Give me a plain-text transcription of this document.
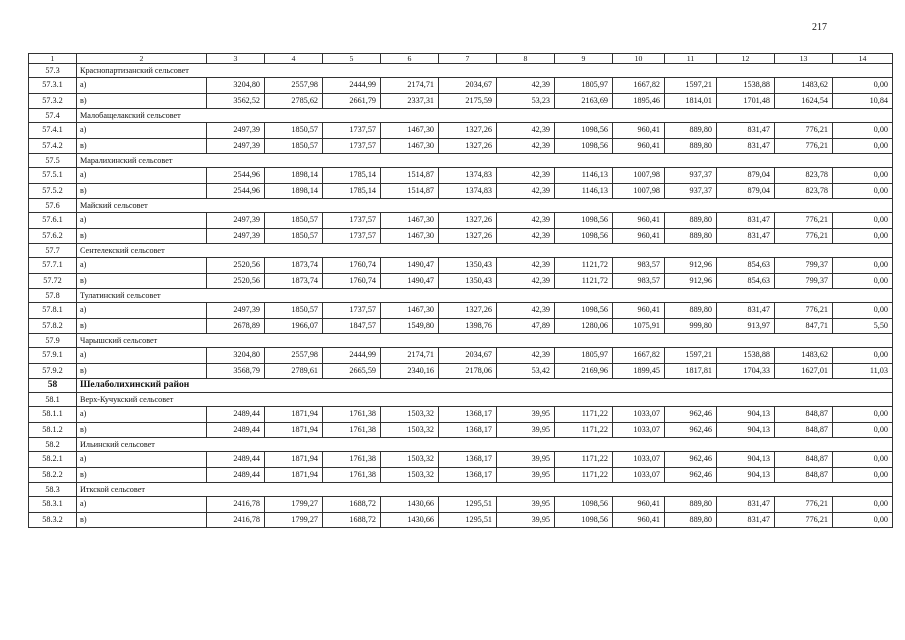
217
1	2	3	4	5	6	7	8	9	10	11	12	13	14
57.3	Краснопартизанский сельсовет												
57.3.1	а)	3204,80	2557,98	2444,99	2174,71	2034,67	42,39	1805,97	1667,82	1597,21	1538,88	1483,62	0,00
57.3.2	в)	3562,52	2785,62	2661,79	2337,31	2175,59	53,23	2163,69	1895,46	1814,01	1701,48	1624,54	10,84
57.4	Малобащелакский сельсовет												
57.4.1	а)	2497,39	1850,57	1737,57	1467,30	1327,26	42,39	1098,56	960,41	889,80	831,47	776,21	0,00
57.4.2	в)	2497,39	1850,57	1737,57	1467,30	1327,26	42,39	1098,56	960,41	889,80	831,47	776,21	0,00
57.5	Маралихинский сельсовет												
57.5.1	а)	2544,96	1898,14	1785,14	1514,87	1374,83	42,39	1146,13	1007,98	937,37	879,04	823,78	0,00
57.5.2	в)	2544,96	1898,14	1785,14	1514,87	1374,83	42,39	1146,13	1007,98	937,37	879,04	823,78	0,00
57.6	Майский сельсовет												
57.6.1	а)	2497,39	1850,57	1737,57	1467,30	1327,26	42,39	1098,56	960,41	889,80	831,47	776,21	0,00
57.6.2	в)	2497,39	1850,57	1737,57	1467,30	1327,26	42,39	1098,56	960,41	889,80	831,47	776,21	0,00
57.7	Сентелекский сельсовет												
57.7.1	а)	2520,56	1873,74	1760,74	1490,47	1350,43	42,39	1121,72	983,57	912,96	854,63	799,37	0,00
57.72	в)	2520,56	1873,74	1760,74	1490,47	1350,43	42,39	1121,72	983,57	912,96	854,63	799,37	0,00
57.8	Тулатинский сельсовет												
57.8.1	а)	2497,39	1850,57	1737,57	1467,30	1327,26	42,39	1098,56	960,41	889,80	831,47	776,21	0,00
57.8.2	в)	2678,89	1966,07	1847,57	1549,80	1398,76	47,89	1280,06	1075,91	999,80	913,97	847,71	5,50
57.9	Чарышский сельсовет												
57.9.1	а)	3204,80	2557,98	2444,99	2174,71	2034,67	42,39	1805,97	1667,82	1597,21	1538,88	1483,62	0,00
57.9.2	в)	3568,79	2789,61	2665,59	2340,16	2178,06	53,42	2169,96	1899,45	1817,81	1704,33	1627,01	11,03
58	Шелаболихинский район												
58.1	Верх-Кучукский сельсовет												
58.1.1	а)	2489,44	1871,94	1761,38	1503,32	1368,17	39,95	1171,22	1033,07	962,46	904,13	848,87	0,00
58.1.2	в)	2489,44	1871,94	1761,38	1503,32	1368,17	39,95	1171,22	1033,07	962,46	904,13	848,87	0,00
58.2	Ильинский сельсовет												
58.2.1	а)	2489,44	1871,94	1761,38	1503,32	1368,17	39,95	1171,22	1033,07	962,46	904,13	848,87	0,00
58.2.2	в)	2489,44	1871,94	1761,38	1503,32	1368,17	39,95	1171,22	1033,07	962,46	904,13	848,87	0,00
58.3	Иткской сельсовет												
58.3.1	а)	2416,78	1799,27	1688,72	1430,66	1295,51	39,95	1098,56	960,41	889,80	831,47	776,21	0,00
58.3.2	в)	2416,78	1799,27	1688,72	1430,66	1295,51	39,95	1098,56	960,41	889,80	831,47	776,21	0,00
